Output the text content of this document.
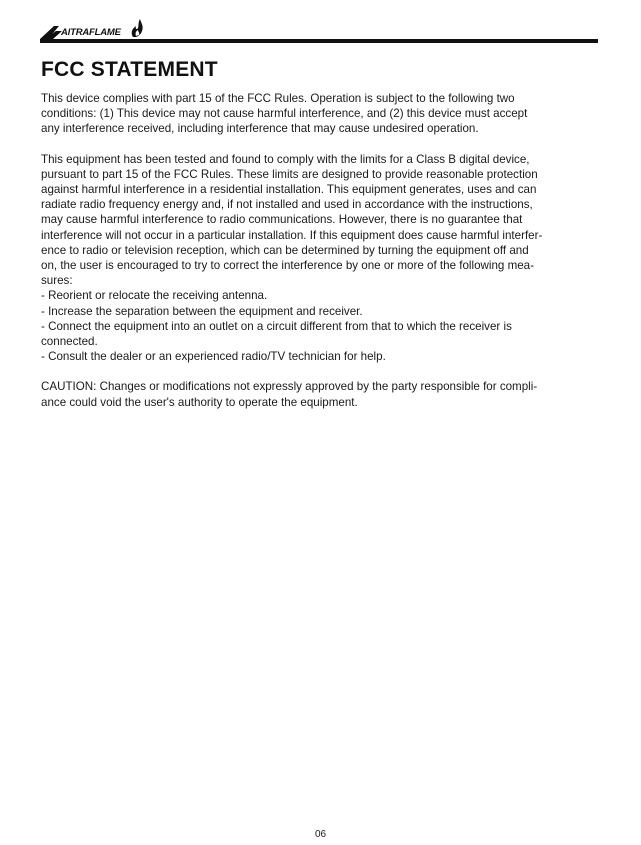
AlTRAFLAME
FCC STATEMENT

This device complies with part 15 of the FCC Rules. Operation is subject to the following two
conditions: (1) This device may not cause harmful interference, and (2) this device must accept
any interference received, including interference that may cause undesired operation.

This equipment has been tested and found to comply with the limits for a Class B digital device,
pursuant to part 15 of the FCC Rules. These limits are designed to provide reasonable protection
against harmful interference in a residential installation. This equipment generates, uses and can
radiate radio frequency energy and, if not installed and used in accordance with the instructions,
may cause harmful interference to radio communications. However, there is no guarantee that
interference will not occur in a particular installation. If this equipment does cause harmful interfer-
ence to radio or television reception, which can be determined by turning the equipment off and
on, the user is encouraged to try to correct the interference by one or more of the following mea-
sures:
- Reorient or relocate the receiving antenna.
- Increase the separation between the equipment and receiver.
- Connect the equipment into an outlet on a circuit different from that to which the receiver is
connected.
- Consult the dealer or an experienced radio/TV technician for help.

CAUTION: Changes or modifications not expressly approved by the party responsible for compli-
ance could void the user's authority to operate the equipment.

06
